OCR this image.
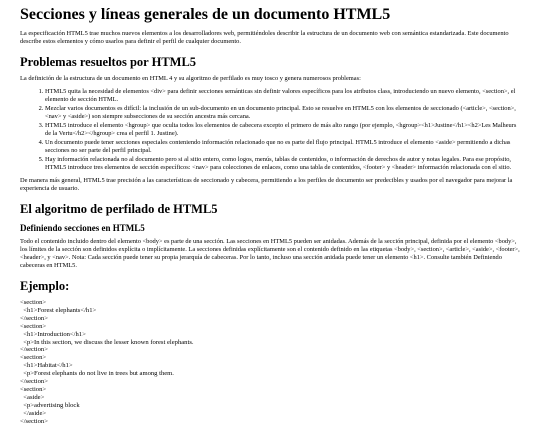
Secciones y líneas generales de un documento HTML5

La especificación HTML5 trae muchos nuevos elementos a los desarrolladores web, permitiéndoles describir la estructura de un documento web con semántica estandarizada. Este documento describe estos elementos y cómo usarlos para definir el perfil de cualquier documento.

Problemas resueltos por HTML5

La definición de la estructura de un documento en HTML 4 y su algoritmo de perfilado es muy tosco y genera numerosos problemas:

1. HTML5 quita la necesidad de elementos <div> para definir secciones semánticas sin definir valores específicos para los atributos class, introduciendo un nuevo elemento, <section>, el elemento de sección HTML.
2. Mezclar varios documentos es difícil: la inclusión de un sub-documento en un documento principal. Esto se resuelve en HTML5 con los elementos de seccionado (<article>, <section>, <nav> y <aside>) son siempre subsecciones de su sección ancestra más cercana.
3. HTML5 introduce el elemento <hgroup> que oculta todos los elementos de cabecera excepto el primero de más alto rango (por ejemplo, <hgroup><h1>Justine</h1><h2>Les Malheurs de la Vertu</h2></hgroup> crea el perfil 1. Justine).
4. Un documento puede tener secciones especiales conteniendo información relacionado que no es parte del flujo principal. HTML5 introduce el elemento <aside> permitiendo a dichas secciones no ser parte del perfil principal.
5. Hay información relacionada no al documento pero si al sitio entero, como logos, menús, tablas de contenidos, o información de derechos de autor y notas legales. Para ese propósito, HTML5 introduce tres elementos de sección específicos: <nav> para colecciones de enlaces, como una tabla de contenidos, <footer> y <header> información relacionada con el sitio.

De manera más general, HTML5 trae precisión a las características de seccionado y cabecera, permitiendo a los perfiles de documento ser predecibles y usados por el navegador para mejorar la experiencia de usuario.

El algoritmo de perfilado de HTML5
Definiendo secciones en HTML5

Todo el contenido incluido dentro del elemento <body> es parte de una sección. Las secciones en HTML5 pueden ser anidadas. Además de la sección principal, definida por el elemento <body>, los límites de la sección son definidos explícita o implícitamente. La secciones definidas explícitamente son el contenido definido en las etiquetas <body>, <section>, <article>, <aside>, <footer>, <header>, y <nav>. Nota: Cada sección puede tener su propia jerarquía de cabeceras. Por lo tanto, incluso una sección anidada puede tener un elemento <h1>. Consulte también Definiendo cabeceras en HTML5.

Ejemplo:
<section>
<h1>Forest elephants</h1>
</section>
<section>
<h1>Introduction</h1>
<p>In this section, we discuss the lesser known forest elephants.
</section>
<section>
<h1>Habitat</h1>
<p>Forest elephants do not live in trees but among them.
</section>
<section>
<aside>
<p>advertising block
</aside>
</section>
